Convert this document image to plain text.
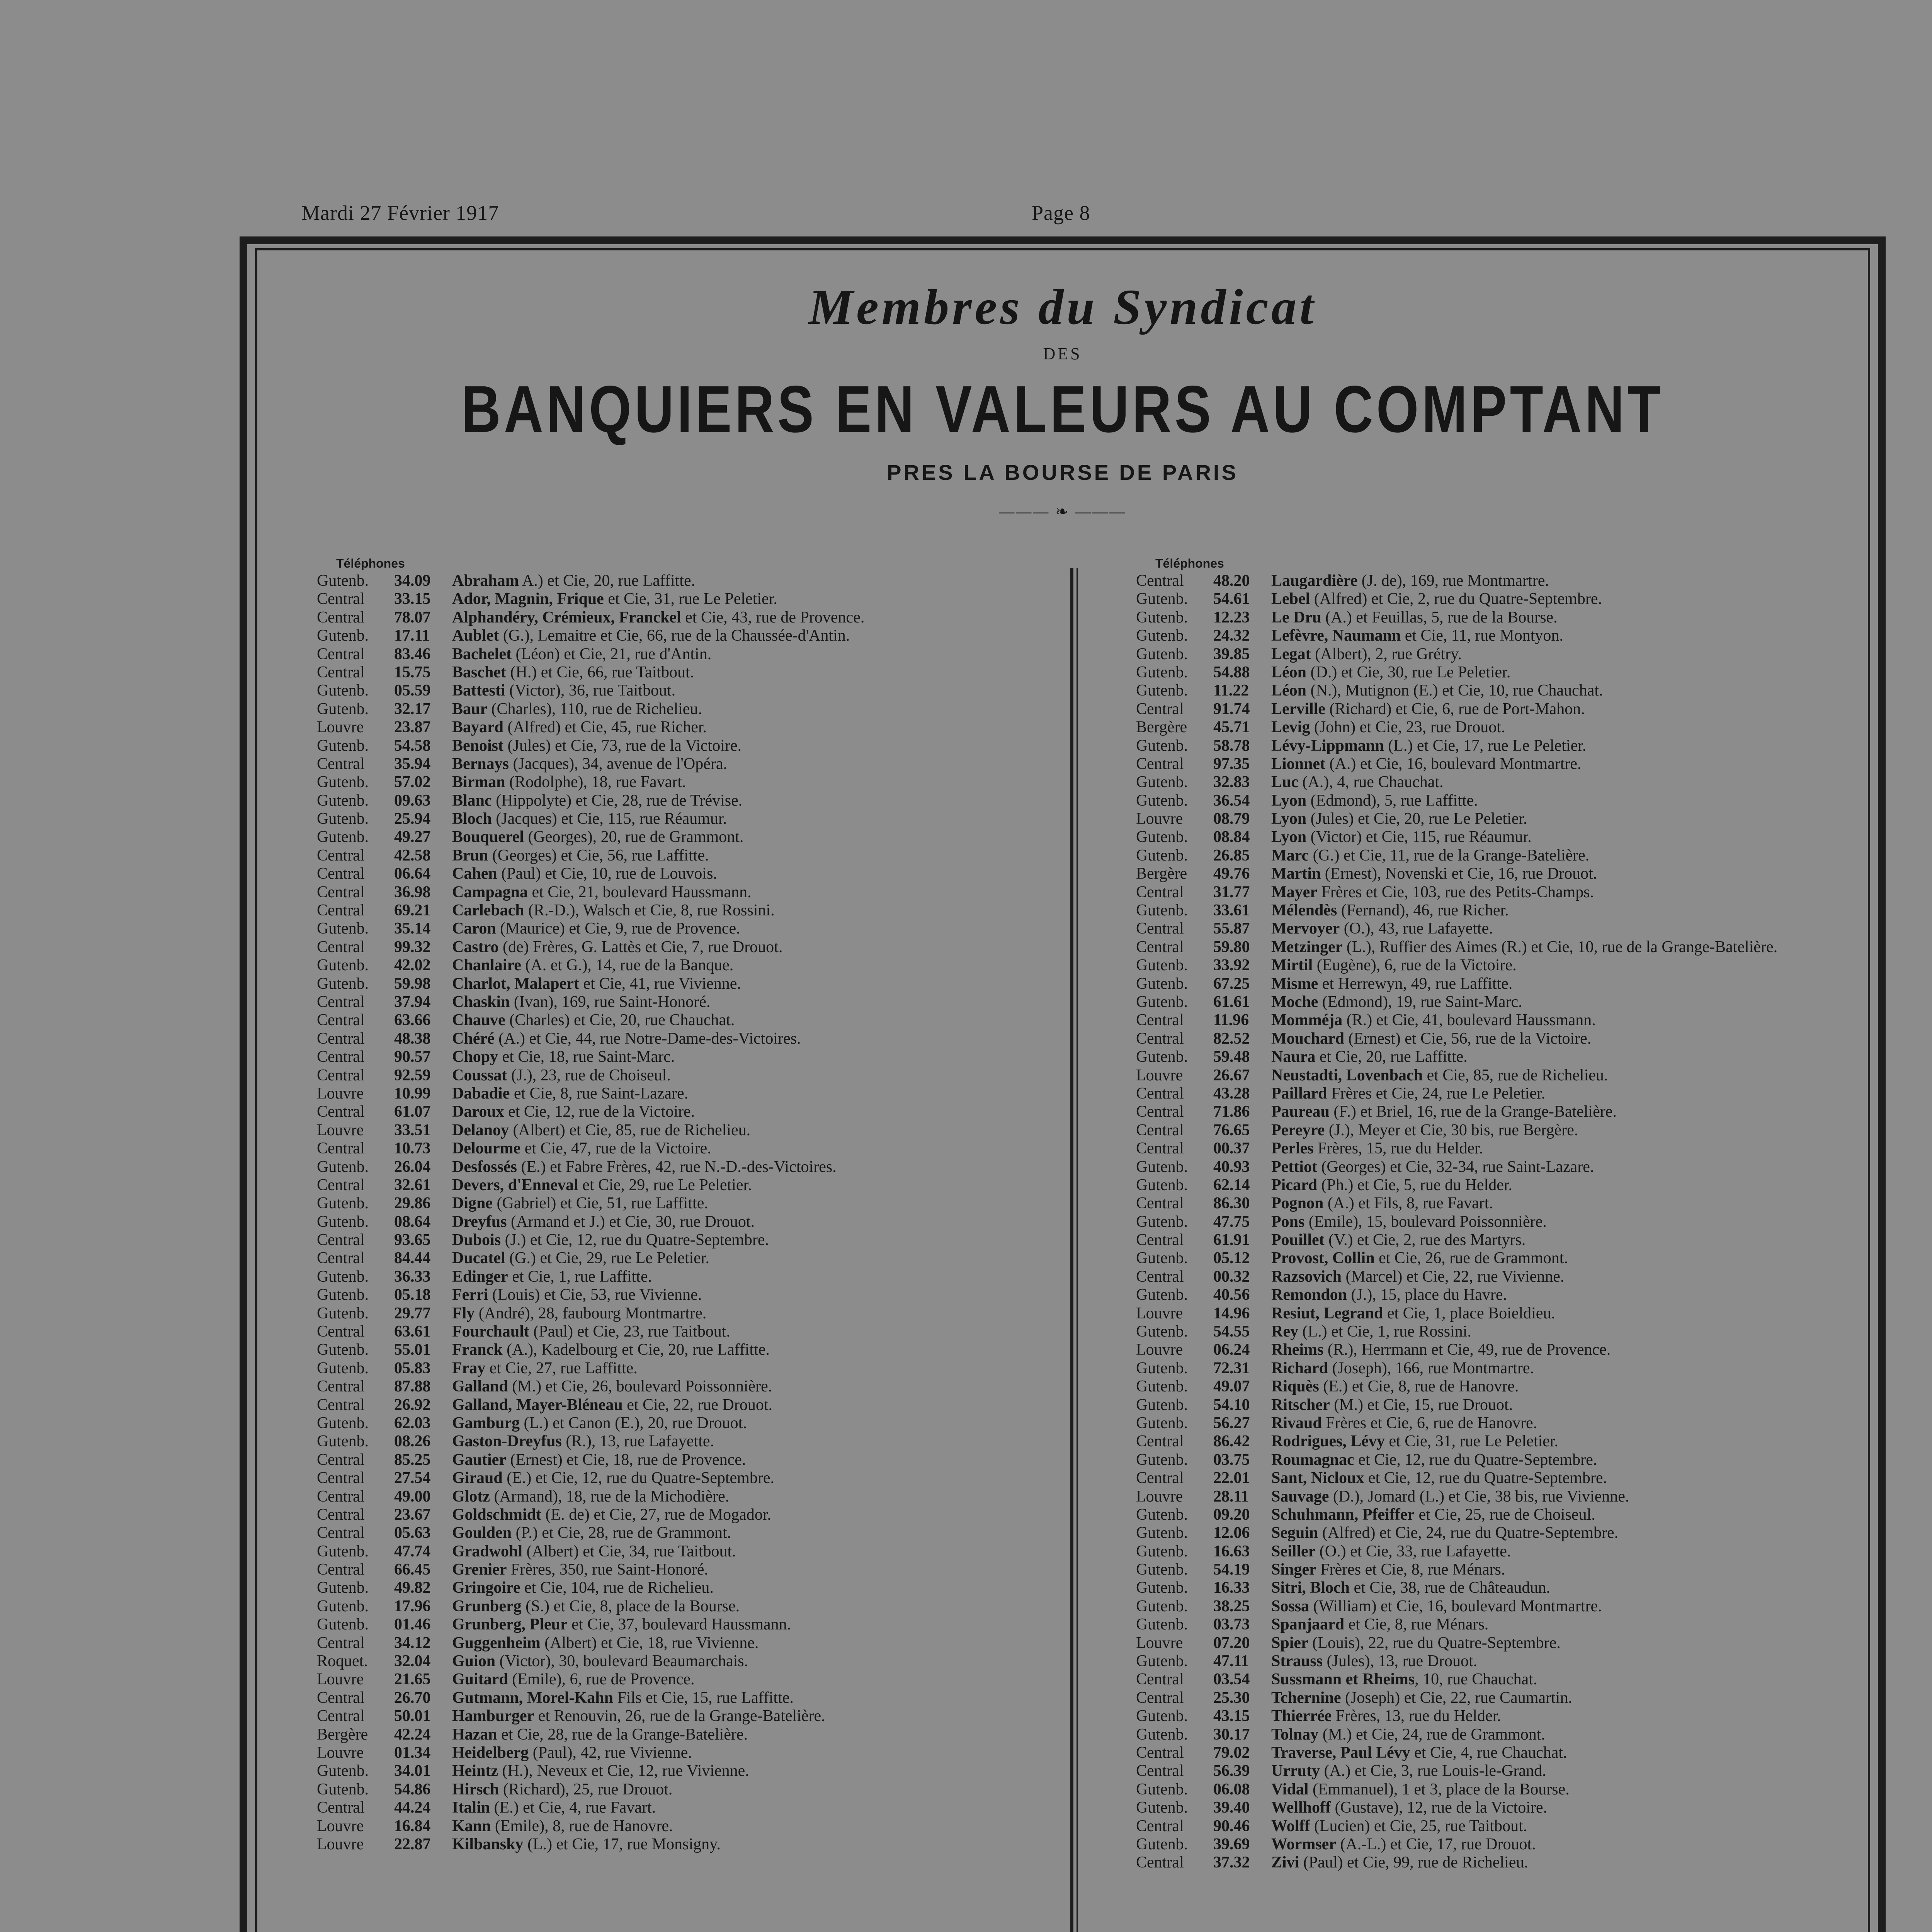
Mardi 27 Février 1917	Page 8
Membres du Syndicat
DES
BANQUIERS EN VALEURS AU COMPTANT
PRES LA BOURSE DE PARIS
——— ❧ ———
Téléphones
Gutenb. 34.09 Abraham A.) et Cie, 20, rue Laffitte.
Central 33.15 Ador, Magnin, Frique et Cie, 31, rue Le Peletier.
Central 78.07 Alphandéry, Crémieux, Franckel et Cie, 43, rue de Provence.
Gutenb. 17.11 Aublet (G.), Lemaitre et Cie, 66, rue de la Chaussée-d'Antin.
Central 83.46 Bachelet (Léon) et Cie, 21, rue d'Antin.
Central 15.75 Baschet (H.) et Cie, 66, rue Taitbout.
Gutenb. 05.59 Battesti (Victor), 36, rue Taitbout.
Gutenb. 32.17 Baur (Charles), 110, rue de Richelieu.
Louvre 23.87 Bayard (Alfred) et Cie, 45, rue Richer.
Gutenb. 54.58 Benoist (Jules) et Cie, 73, rue de la Victoire.
Central 35.94 Bernays (Jacques), 34, avenue de l'Opéra.
Gutenb. 57.02 Birman (Rodolphe), 18, rue Favart.
Gutenb. 09.63 Blanc (Hippolyte) et Cie, 28, rue de Trévise.
Gutenb. 25.94 Bloch (Jacques) et Cie, 115, rue Réaumur.
Gutenb. 49.27 Bouquerel (Georges), 20, rue de Grammont.
Central 42.58 Brun (Georges) et Cie, 56, rue Laffitte.
Central 06.64 Cahen (Paul) et Cie, 10, rue de Louvois.
Central 36.98 Campagna et Cie, 21, boulevard Haussmann.
Central 69.21 Carlebach (R.-D.), Walsch et Cie, 8, rue Rossini.
Gutenb. 35.14 Caron (Maurice) et Cie, 9, rue de Provence.
Central 99.32 Castro (de) Frères, G. Lattès et Cie, 7, rue Drouot.
Gutenb. 42.02 Chanlaire (A. et G.), 14, rue de la Banque.
Gutenb. 59.98 Charlot, Malapert et Cie, 41, rue Vivienne.
Central 37.94 Chaskin (Ivan), 169, rue Saint-Honoré.
Central 63.66 Chauve (Charles) et Cie, 20, rue Chauchat.
Central 48.38 Chéré (A.) et Cie, 44, rue Notre-Dame-des-Victoires.
Central 90.57 Chopy et Cie, 18, rue Saint-Marc.
Central 92.59 Coussat (J.), 23, rue de Choiseul.
Louvre 10.99 Dabadie et Cie, 8, rue Saint-Lazare.
Central 61.07 Daroux et Cie, 12, rue de la Victoire.
Louvre 33.51 Delanoy (Albert) et Cie, 85, rue de Richelieu.
Central 10.73 Delourme et Cie, 47, rue de la Victoire.
Gutenb. 26.04 Desfossés (E.) et Fabre Frères, 42, rue N.-D.-des-Victoires.
Central 32.61 Devers, d'Enneval et Cie, 29, rue Le Peletier.
Gutenb. 29.86 Digne (Gabriel) et Cie, 51, rue Laffitte.
Gutenb. 08.64 Dreyfus (Armand et J.) et Cie, 30, rue Drouot.
Central 93.65 Dubois (J.) et Cie, 12, rue du Quatre-Septembre.
Central 84.44 Ducatel (G.) et Cie, 29, rue Le Peletier.
Gutenb. 36.33 Edinger et Cie, 1, rue Laffitte.
Gutenb. 05.18 Ferri (Louis) et Cie, 53, rue Vivienne.
Gutenb. 29.77 Fly (André), 28, faubourg Montmartre.
Central 63.61 Fourchault (Paul) et Cie, 23, rue Taitbout.
Gutenb. 55.01 Franck (A.), Kadelbourg et Cie, 20, rue Laffitte.
Gutenb. 05.83 Fray et Cie, 27, rue Laffitte.
Central 87.88 Galland (M.) et Cie, 26, boulevard Poissonnière.
Central 26.92 Galland, Mayer-Bléneau et Cie, 22, rue Drouot.
Gutenb. 62.03 Gamburg (L.) et Canon (E.), 20, rue Drouot.
Gutenb. 08.26 Gaston-Dreyfus (R.), 13, rue Lafayette.
Central 85.25 Gautier (Ernest) et Cie, 18, rue de Provence.
Central 27.54 Giraud (E.) et Cie, 12, rue du Quatre-Septembre.
Central 49.00 Glotz (Armand), 18, rue de la Michodière.
Central 23.67 Goldschmidt (E. de) et Cie, 27, rue de Mogador.
Central 05.63 Goulden (P.) et Cie, 28, rue de Grammont.
Gutenb. 47.74 Gradwohl (Albert) et Cie, 34, rue Taitbout.
Central 66.45 Grenier Frères, 350, rue Saint-Honoré.
Gutenb. 49.82 Gringoire et Cie, 104, rue de Richelieu.
Gutenb. 17.96 Grunberg (S.) et Cie, 8, place de la Bourse.
Gutenb. 01.46 Grunberg, Pleur et Cie, 37, boulevard Haussmann.
Central 34.12 Guggenheim (Albert) et Cie, 18, rue Vivienne.
Roquet. 32.04 Guion (Victor), 30, boulevard Beaumarchais.
Louvre 21.65 Guitard (Emile), 6, rue de Provence.
Central 26.70 Gutmann, Morel-Kahn Fils et Cie, 15, rue Laffitte.
Central 50.01 Hamburger et Renouvin, 26, rue de la Grange-Batelière.
Bergère 42.24 Hazan et Cie, 28, rue de la Grange-Batelière.
Louvre 01.34 Heidelberg (Paul), 42, rue Vivienne.
Gutenb. 34.01 Heintz (H.), Neveux et Cie, 12, rue Vivienne.
Gutenb. 54.86 Hirsch (Richard), 25, rue Drouot.
Central 44.24 Italin (E.) et Cie, 4, rue Favart.
Louvre 16.84 Kann (Emile), 8, rue de Hanovre.
Louvre 22.87 Kilbansky (L.) et Cie, 17, rue Monsigny.
Téléphones
Central 48.20 Laugardière (J. de), 169, rue Montmartre.
Gutenb. 54.61 Lebel (Alfred) et Cie, 2, rue du Quatre-Septembre.
Gutenb. 12.23 Le Dru (A.) et Feuillas, 5, rue de la Bourse.
Gutenb. 24.32 Lefèvre, Naumann et Cie, 11, rue Montyon.
Gutenb. 39.85 Legat (Albert), 2, rue Grétry.
Gutenb. 54.88 Léon (D.) et Cie, 30, rue Le Peletier.
Gutenb. 11.22 Léon (N.), Mutignon (E.) et Cie, 10, rue Chauchat.
Central 91.74 Lerville (Richard) et Cie, 6, rue de Port-Mahon.
Bergère 45.71 Levig (John) et Cie, 23, rue Drouot.
Gutenb. 58.78 Lévy-Lippmann (L.) et Cie, 17, rue Le Peletier.
Central 97.35 Lionnet (A.) et Cie, 16, boulevard Montmartre.
Gutenb. 32.83 Luc (A.), 4, rue Chauchat.
Gutenb. 36.54 Lyon (Edmond), 5, rue Laffitte.
Louvre 08.79 Lyon (Jules) et Cie, 20, rue Le Peletier.
Gutenb. 08.84 Lyon (Victor) et Cie, 115, rue Réaumur.
Gutenb. 26.85 Marc (G.) et Cie, 11, rue de la Grange-Batelière.
Bergère 49.76 Martin (Ernest), Novenski et Cie, 16, rue Drouot.
Central 31.77 Mayer Frères et Cie, 103, rue des Petits-Champs.
Gutenb. 33.61 Mélendès (Fernand), 46, rue Richer.
Central 55.87 Mervoyer (O.), 43, rue Lafayette.
Central 59.80 Metzinger (L.), Ruffier des Aimes (R.) et Cie, 10, rue de la Grange-Batelière.
Gutenb. 33.92 Mirtil (Eugène), 6, rue de la Victoire.
Gutenb. 67.25 Misme et Herrewyn, 49, rue Laffitte.
Gutenb. 61.61 Moche (Edmond), 19, rue Saint-Marc.
Central 11.96 Momméja (R.) et Cie, 41, boulevard Haussmann.
Central 82.52 Mouchard (Ernest) et Cie, 56, rue de la Victoire.
Gutenb. 59.48 Naura et Cie, 20, rue Laffitte.
Louvre 26.67 Neustadti, Lovenbach et Cie, 85, rue de Richelieu.
Central 43.28 Paillard Frères et Cie, 24, rue Le Peletier.
Central 71.86 Paureau (F.) et Briel, 16, rue de la Grange-Batelière.
Central 76.65 Pereyre (J.), Meyer et Cie, 30 bis, rue Bergère.
Central 00.37 Perles Frères, 15, rue du Helder.
Gutenb. 40.93 Pettiot (Georges) et Cie, 32-34, rue Saint-Lazare.
Gutenb. 62.14 Picard (Ph.) et Cie, 5, rue du Helder.
Central 86.30 Pognon (A.) et Fils, 8, rue Favart.
Gutenb. 47.75 Pons (Emile), 15, boulevard Poissonnière.
Central 61.91 Pouillet (V.) et Cie, 2, rue des Martyrs.
Gutenb. 05.12 Provost, Collin et Cie, 26, rue de Grammont.
Central 00.32 Razsovich (Marcel) et Cie, 22, rue Vivienne.
Gutenb. 40.56 Remondon (J.), 15, place du Havre.
Louvre 14.96 Resiut, Legrand et Cie, 1, place Boieldieu.
Gutenb. 54.55 Rey (L.) et Cie, 1, rue Rossini.
Louvre 06.24 Rheims (R.), Herrmann et Cie, 49, rue de Provence.
Gutenb. 72.31 Richard (Joseph), 166, rue Montmartre.
Gutenb. 49.07 Riquès (E.) et Cie, 8, rue de Hanovre.
Gutenb. 54.10 Ritscher (M.) et Cie, 15, rue Drouot.
Gutenb. 56.27 Rivaud Frères et Cie, 6, rue de Hanovre.
Central 86.42 Rodrigues, Lévy et Cie, 31, rue Le Peletier.
Gutenb. 03.75 Roumagnac et Cie, 12, rue du Quatre-Septembre.
Central 22.01 Sant, Nicloux et Cie, 12, rue du Quatre-Septembre.
Louvre 28.11 Sauvage (D.), Jomard (L.) et Cie, 38 bis, rue Vivienne.
Gutenb. 09.20 Schuhmann, Pfeiffer et Cie, 25, rue de Choiseul.
Gutenb. 12.06 Seguin (Alfred) et Cie, 24, rue du Quatre-Septembre.
Gutenb. 16.63 Seiller (O.) et Cie, 33, rue Lafayette.
Gutenb. 54.19 Singer Frères et Cie, 8, rue Ménars.
Gutenb. 16.33 Sitri, Bloch et Cie, 38, rue de Châteaudun.
Gutenb. 38.25 Sossa (William) et Cie, 16, boulevard Montmartre.
Gutenb. 03.73 Spanjaard et Cie, 8, rue Ménars.
Louvre 07.20 Spier (Louis), 22, rue du Quatre-Septembre.
Gutenb. 47.11 Strauss (Jules), 13, rue Drouot.
Central 03.54 Sussmann et Rheims, 10, rue Chauchat.
Central 25.30 Tchernine (Joseph) et Cie, 22, rue Caumartin.
Gutenb. 43.15 Thierrée Frères, 13, rue du Helder.
Gutenb. 30.17 Tolnay (M.) et Cie, 24, rue de Grammont.
Central 79.02 Traverse, Paul Lévy et Cie, 4, rue Chauchat.
Central 56.39 Urruty (A.) et Cie, 3, rue Louis-le-Grand.
Gutenb. 06.08 Vidal (Emmanuel), 1 et 3, place de la Bourse.
Gutenb. 39.40 Wellhoff (Gustave), 12, rue de la Victoire.
Central 90.46 Wolff (Lucien) et Cie, 25, rue Taitbout.
Gutenb. 39.69 Wormser (A.-L.) et Cie, 17, rue Drouot.
Central 37.32 Zivi (Paul) et Cie, 99, rue de Richelieu.
